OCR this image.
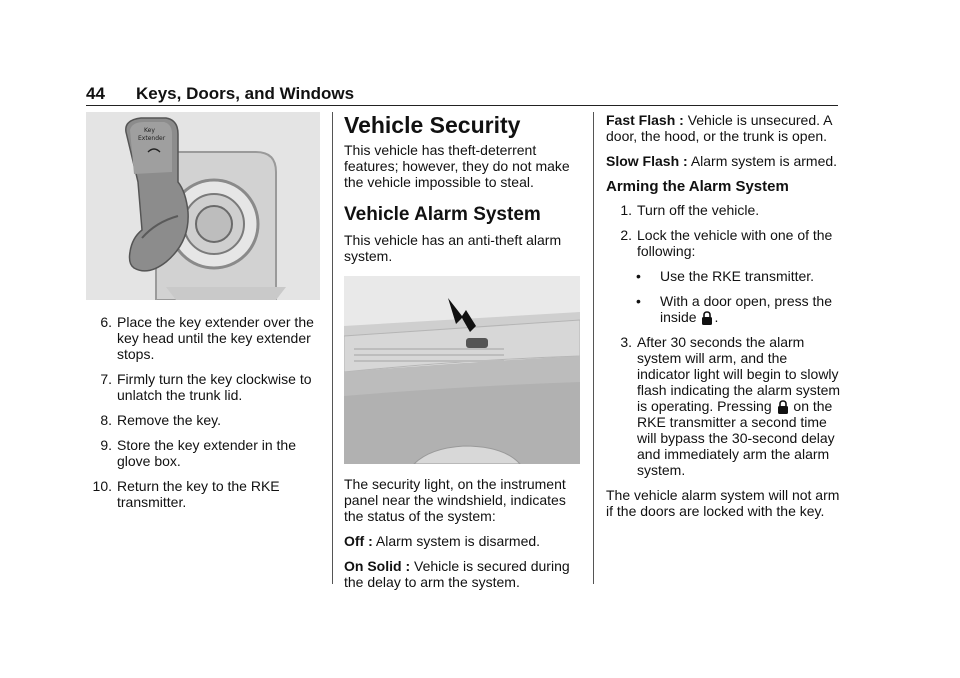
44 Keys, Doors, and Windows
Key
Extender
6. Place the key extender over the key head until the key extender stops.
7. Firmly turn the key clockwise to unlatch the trunk lid.
8. Remove the key.
9. Store the key extender in the glove box.
10. Return the key to the RKE transmitter.
Vehicle Security

This vehicle has theft-deterrent features; however, they do not make the vehicle impossible to steal.

Vehicle Alarm System

This vehicle has an anti-theft alarm system.

The security light, on the instrument panel near the windshield, indicates the status of the system:

Off : Alarm system is disarmed.

On Solid : Vehicle is secured during the delay to arm the system.

Fast Flash : Vehicle is unsecured. A door, the hood, or the trunk is open.

Slow Flash : Alarm system is armed.

Arming the Alarm System
1. Turn off the vehicle.
2. Lock the vehicle with one of the following:
• Use the RKE transmitter.
• With a door open, press the inside .
3. After 30 seconds the alarm system will arm, and the indicator light will begin to slowly flash indicating the alarm system is operating. Pressing on the RKE transmitter a second time will bypass the 30-second delay and immediately arm the alarm system.

The vehicle alarm system will not arm if the doors are locked with the key.
